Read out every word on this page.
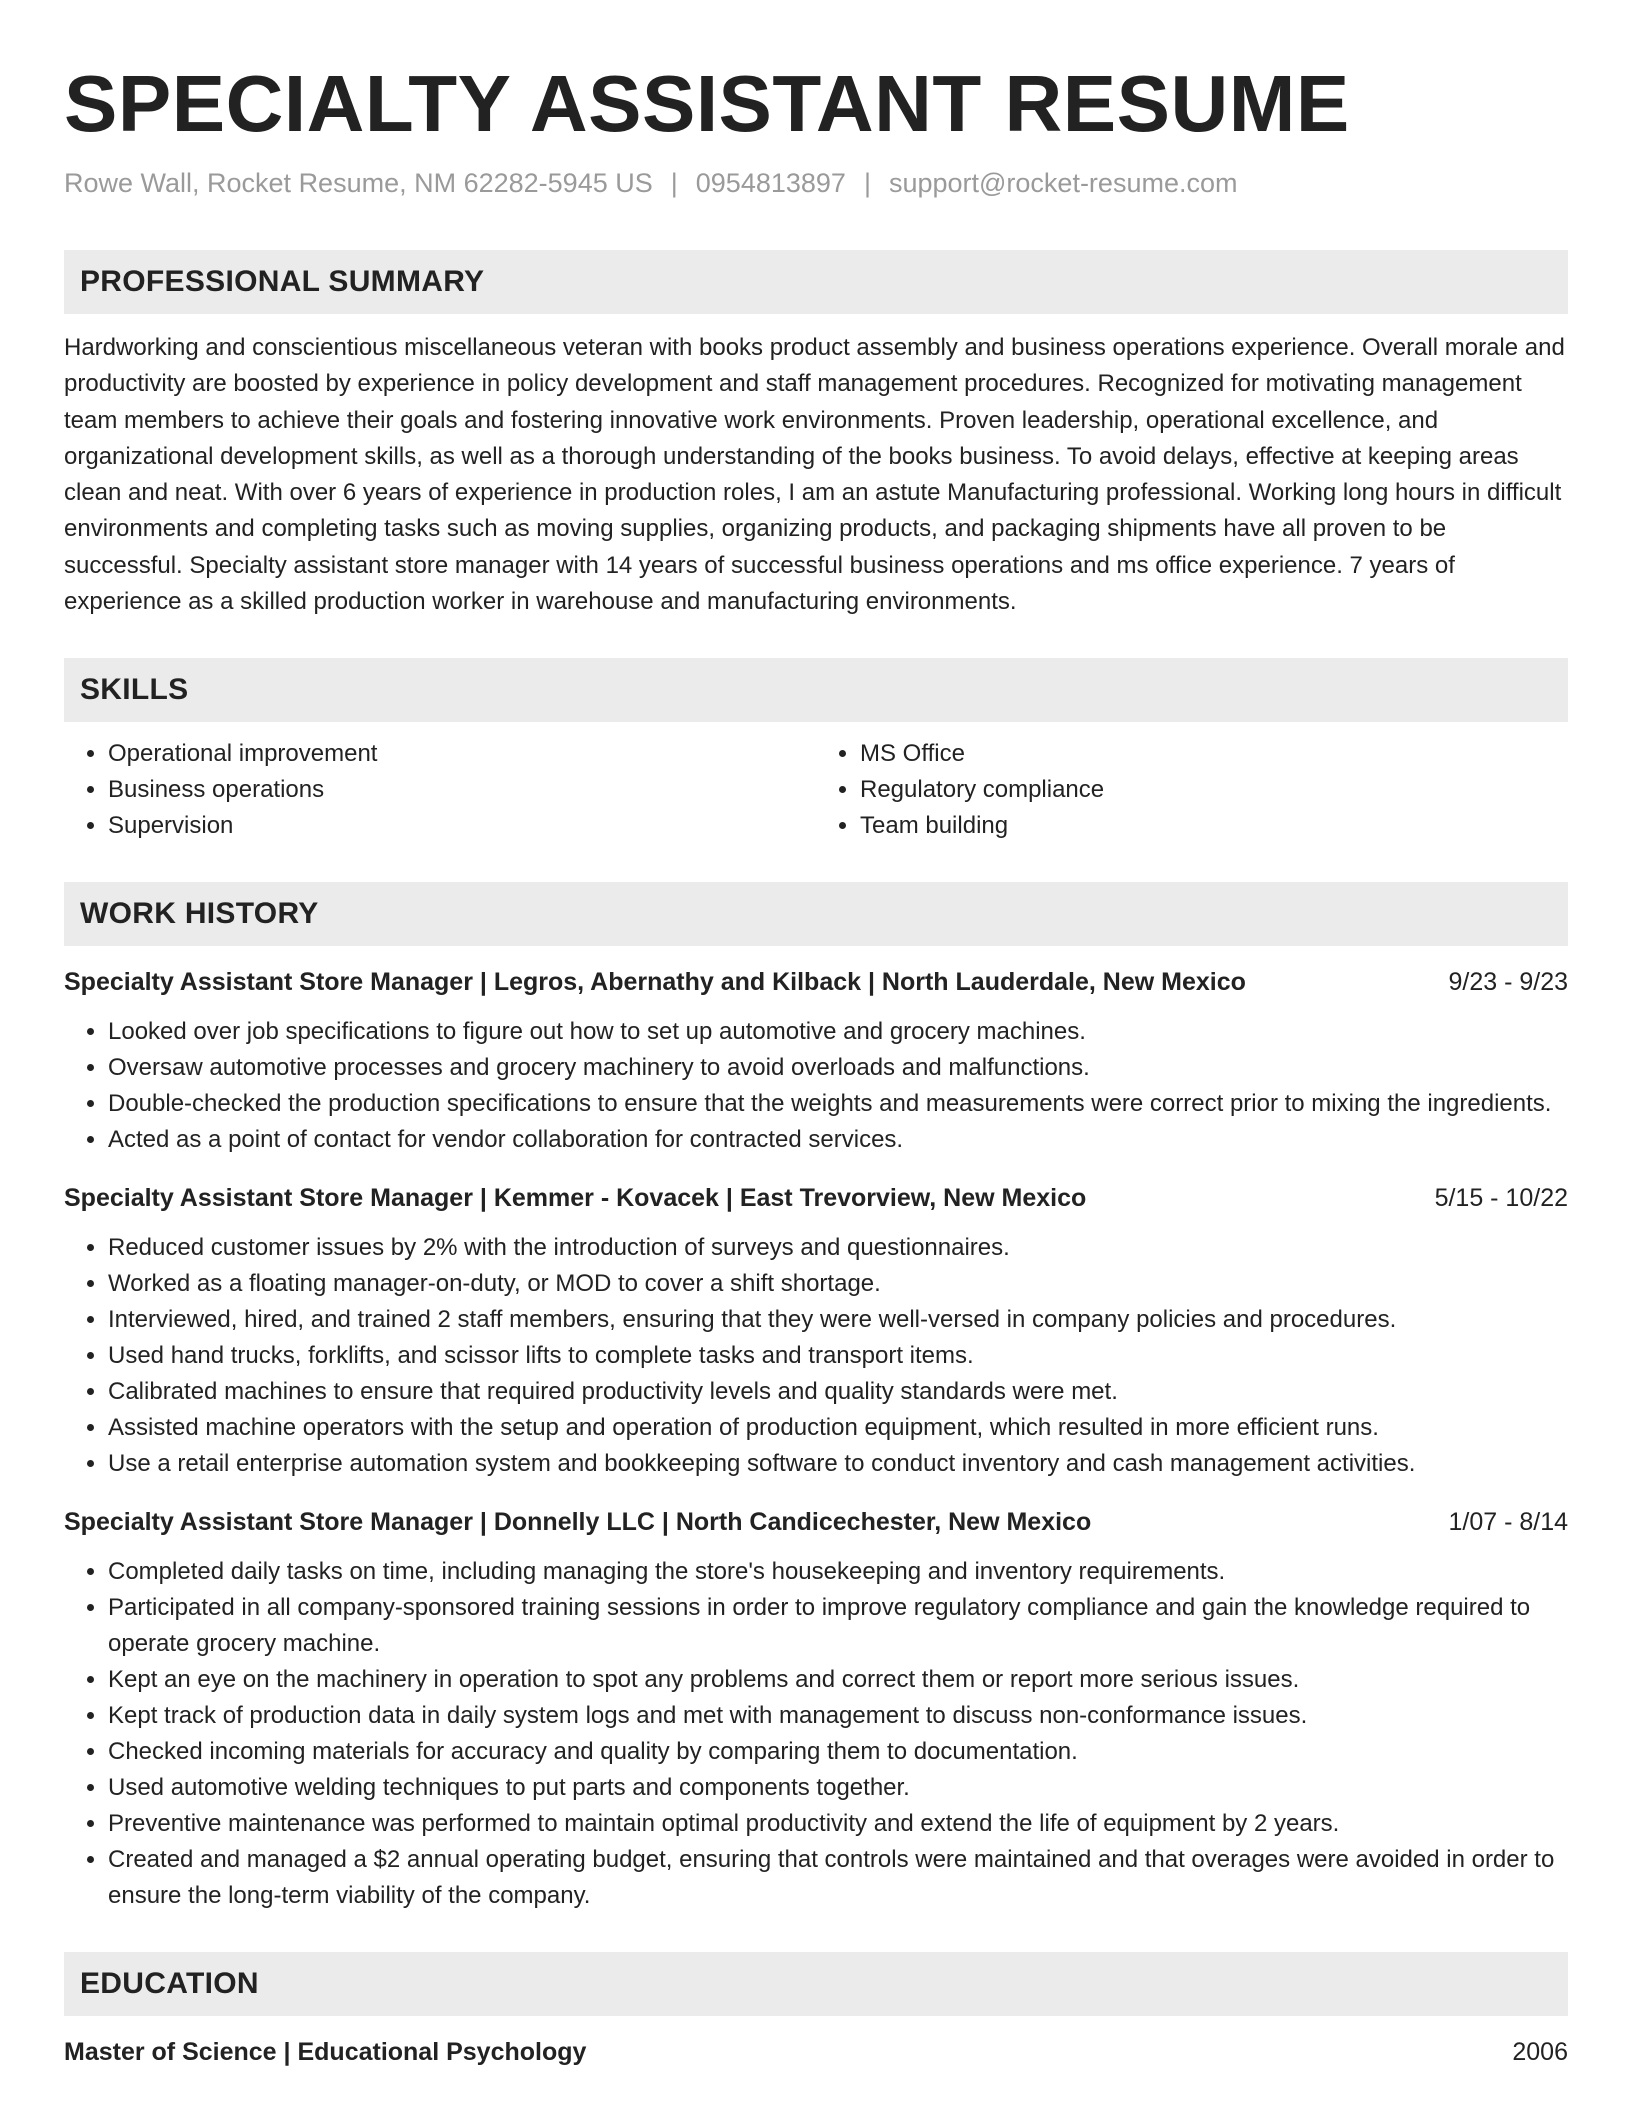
SPECIALTY ASSISTANT RESUME
Rowe Wall, Rocket Resume, NM 62282-5945 US | 0954813897 | support@rocket-resume.com
PROFESSIONAL SUMMARY

Hardworking and conscientious miscellaneous veteran with books product assembly and business operations experience. Overall morale and productivity are boosted by experience in policy development and staff management procedures. Recognized for motivating management team members to achieve their goals and fostering innovative work environments. Proven leadership, operational excellence, and organizational development skills, as well as a thorough understanding of the books business. To avoid delays, effective at keeping areas clean and neat. With over 6 years of experience in production roles, I am an astute Manufacturing professional. Working long hours in difficult environments and completing tasks such as moving supplies, organizing products, and packaging shipments have all proven to be successful. Specialty assistant store manager with 14 years of successful business operations and ms office experience. 7 years of experience as a skilled production worker in warehouse and manufacturing environments.

SKILLS
• Operational improvement
• Business operations
• Supervision
• MS Office
• Regulatory compliance
• Team building
WORK HISTORY
Specialty Assistant Store Manager | Legros, Abernathy and Kilback | North Lauderdale, New Mexico	9/23 - 9/23
• Looked over job specifications to figure out how to set up automotive and grocery machines.
• Oversaw automotive processes and grocery machinery to avoid overloads and malfunctions.
• Double-checked the production specifications to ensure that the weights and measurements were correct prior to mixing the ingredients.
• Acted as a point of contact for vendor collaboration for contracted services.
Specialty Assistant Store Manager | Kemmer - Kovacek | East Trevorview, New Mexico	5/15 - 10/22
• Reduced customer issues by 2% with the introduction of surveys and questionnaires.
• Worked as a floating manager-on-duty, or MOD to cover a shift shortage.
• Interviewed, hired, and trained 2 staff members, ensuring that they were well-versed in company policies and procedures.
• Used hand trucks, forklifts, and scissor lifts to complete tasks and transport items.
• Calibrated machines to ensure that required productivity levels and quality standards were met.
• Assisted machine operators with the setup and operation of production equipment, which resulted in more efficient runs.
• Use a retail enterprise automation system and bookkeeping software to conduct inventory and cash management activities.
Specialty Assistant Store Manager | Donnelly LLC | North Candicechester, New Mexico	1/07 - 8/14
• Completed daily tasks on time, including managing the store's housekeeping and inventory requirements.
• Participated in all company-sponsored training sessions in order to improve regulatory compliance and gain the knowledge required to operate grocery machine.
• Kept an eye on the machinery in operation to spot any problems and correct them or report more serious issues.
• Kept track of production data in daily system logs and met with management to discuss non-conformance issues.
• Checked incoming materials for accuracy and quality by comparing them to documentation.
• Used automotive welding techniques to put parts and components together.
• Preventive maintenance was performed to maintain optimal productivity and extend the life of equipment by 2 years.
• Created and managed a $2 annual operating budget, ensuring that controls were maintained and that overages were avoided in order to ensure the long-term viability of the company.
EDUCATION
Master of Science | Educational Psychology	2006
